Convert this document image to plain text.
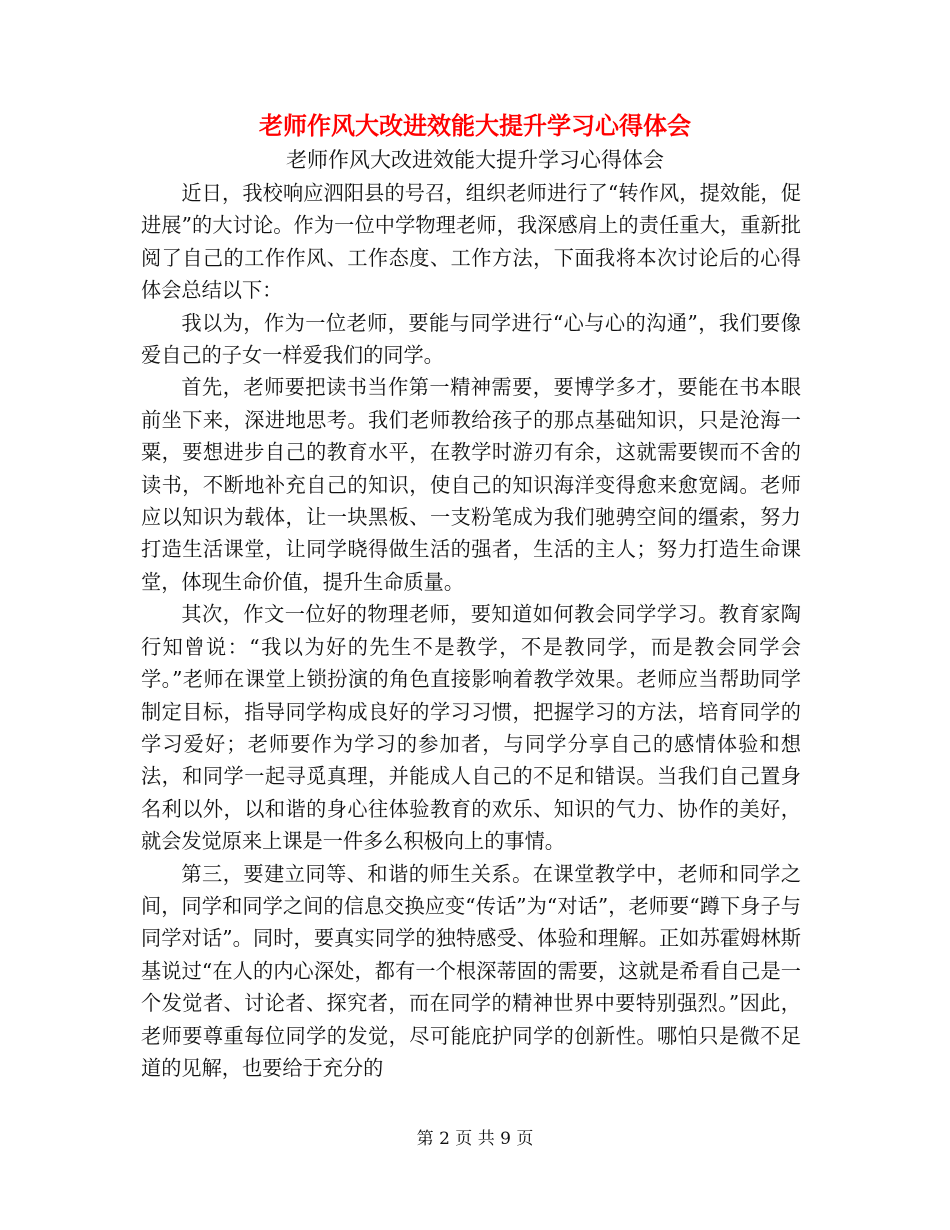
老师作风大改进效能大提升学习心得体会
老师作风大改进效能大提升学习心得体会

近日，我校响应泗阳县的号召，组织老师进行了“转作风，提效能，促进展”的大讨论。作为一位中学物理老师，我深感肩上的责任重大，重新批阅了自己的工作作风、工作态度、工作方法，下面我将本次讨论后的心得体会总结以下：

我以为，作为一位老师，要能与同学进行“心与心的沟通”，我们要像爱自己的子女一样爱我们的同学。

首先，老师要把读书当作第一精神需要，要博学多才，要能在书本眼前坐下来，深进地思考。我们老师教给孩子的那点基础知识，只是沧海一粟，要想进步自己的教育水平，在教学时游刃有余，这就需要锲而不舍的读书，不断地补充自己的知识，使自己的知识海洋变得愈来愈宽阔。老师应以知识为载体，让一块黑板、一支粉笔成为我们驰骋空间的缰索，努力打造生活课堂，让同学晓得做生活的强者，生活的主人；努力打造生命课堂，体现生命价值，提升生命质量。

其次，作文一位好的物理老师，要知道如何教会同学学习。教育家陶行知曾说：“我以为好的先生不是教学，不是教同学，而是教会同学会学。”老师在课堂上锁扮演的角色直接影响着教学效果。老师应当帮助同学制定目标，指导同学构成良好的学习习惯，把握学习的方法，培育同学的学习爱好；老师要作为学习的参加者，与同学分享自己的感情体验和想法，和同学一起寻觅真理，并能成人自己的不足和错误。当我们自己置身名利以外，以和谐的身心往体验教育的欢乐、知识的气力、协作的美好，就会发觉原来上课是一件多么积极向上的事情。

第三，要建立同等、和谐的师生关系。在课堂教学中，老师和同学之间，同学和同学之间的信息交换应变“传话”为“对话”，老师要“蹲下身子与同学对话”。同时，要真实同学的独特感受、体验和理解。正如苏霍姆林斯基说过“在人的内心深处，都有一个根深蒂固的需要，这就是希看自己是一个发觉者、讨论者、探究者，而在同学的精神世界中要特别强烈。”因此，老师要尊重每位同学的发觉，尽可能庇护同学的创新性。哪怕只是微不足道的见解，也要给于充分的

第 2 页 共 9 页
